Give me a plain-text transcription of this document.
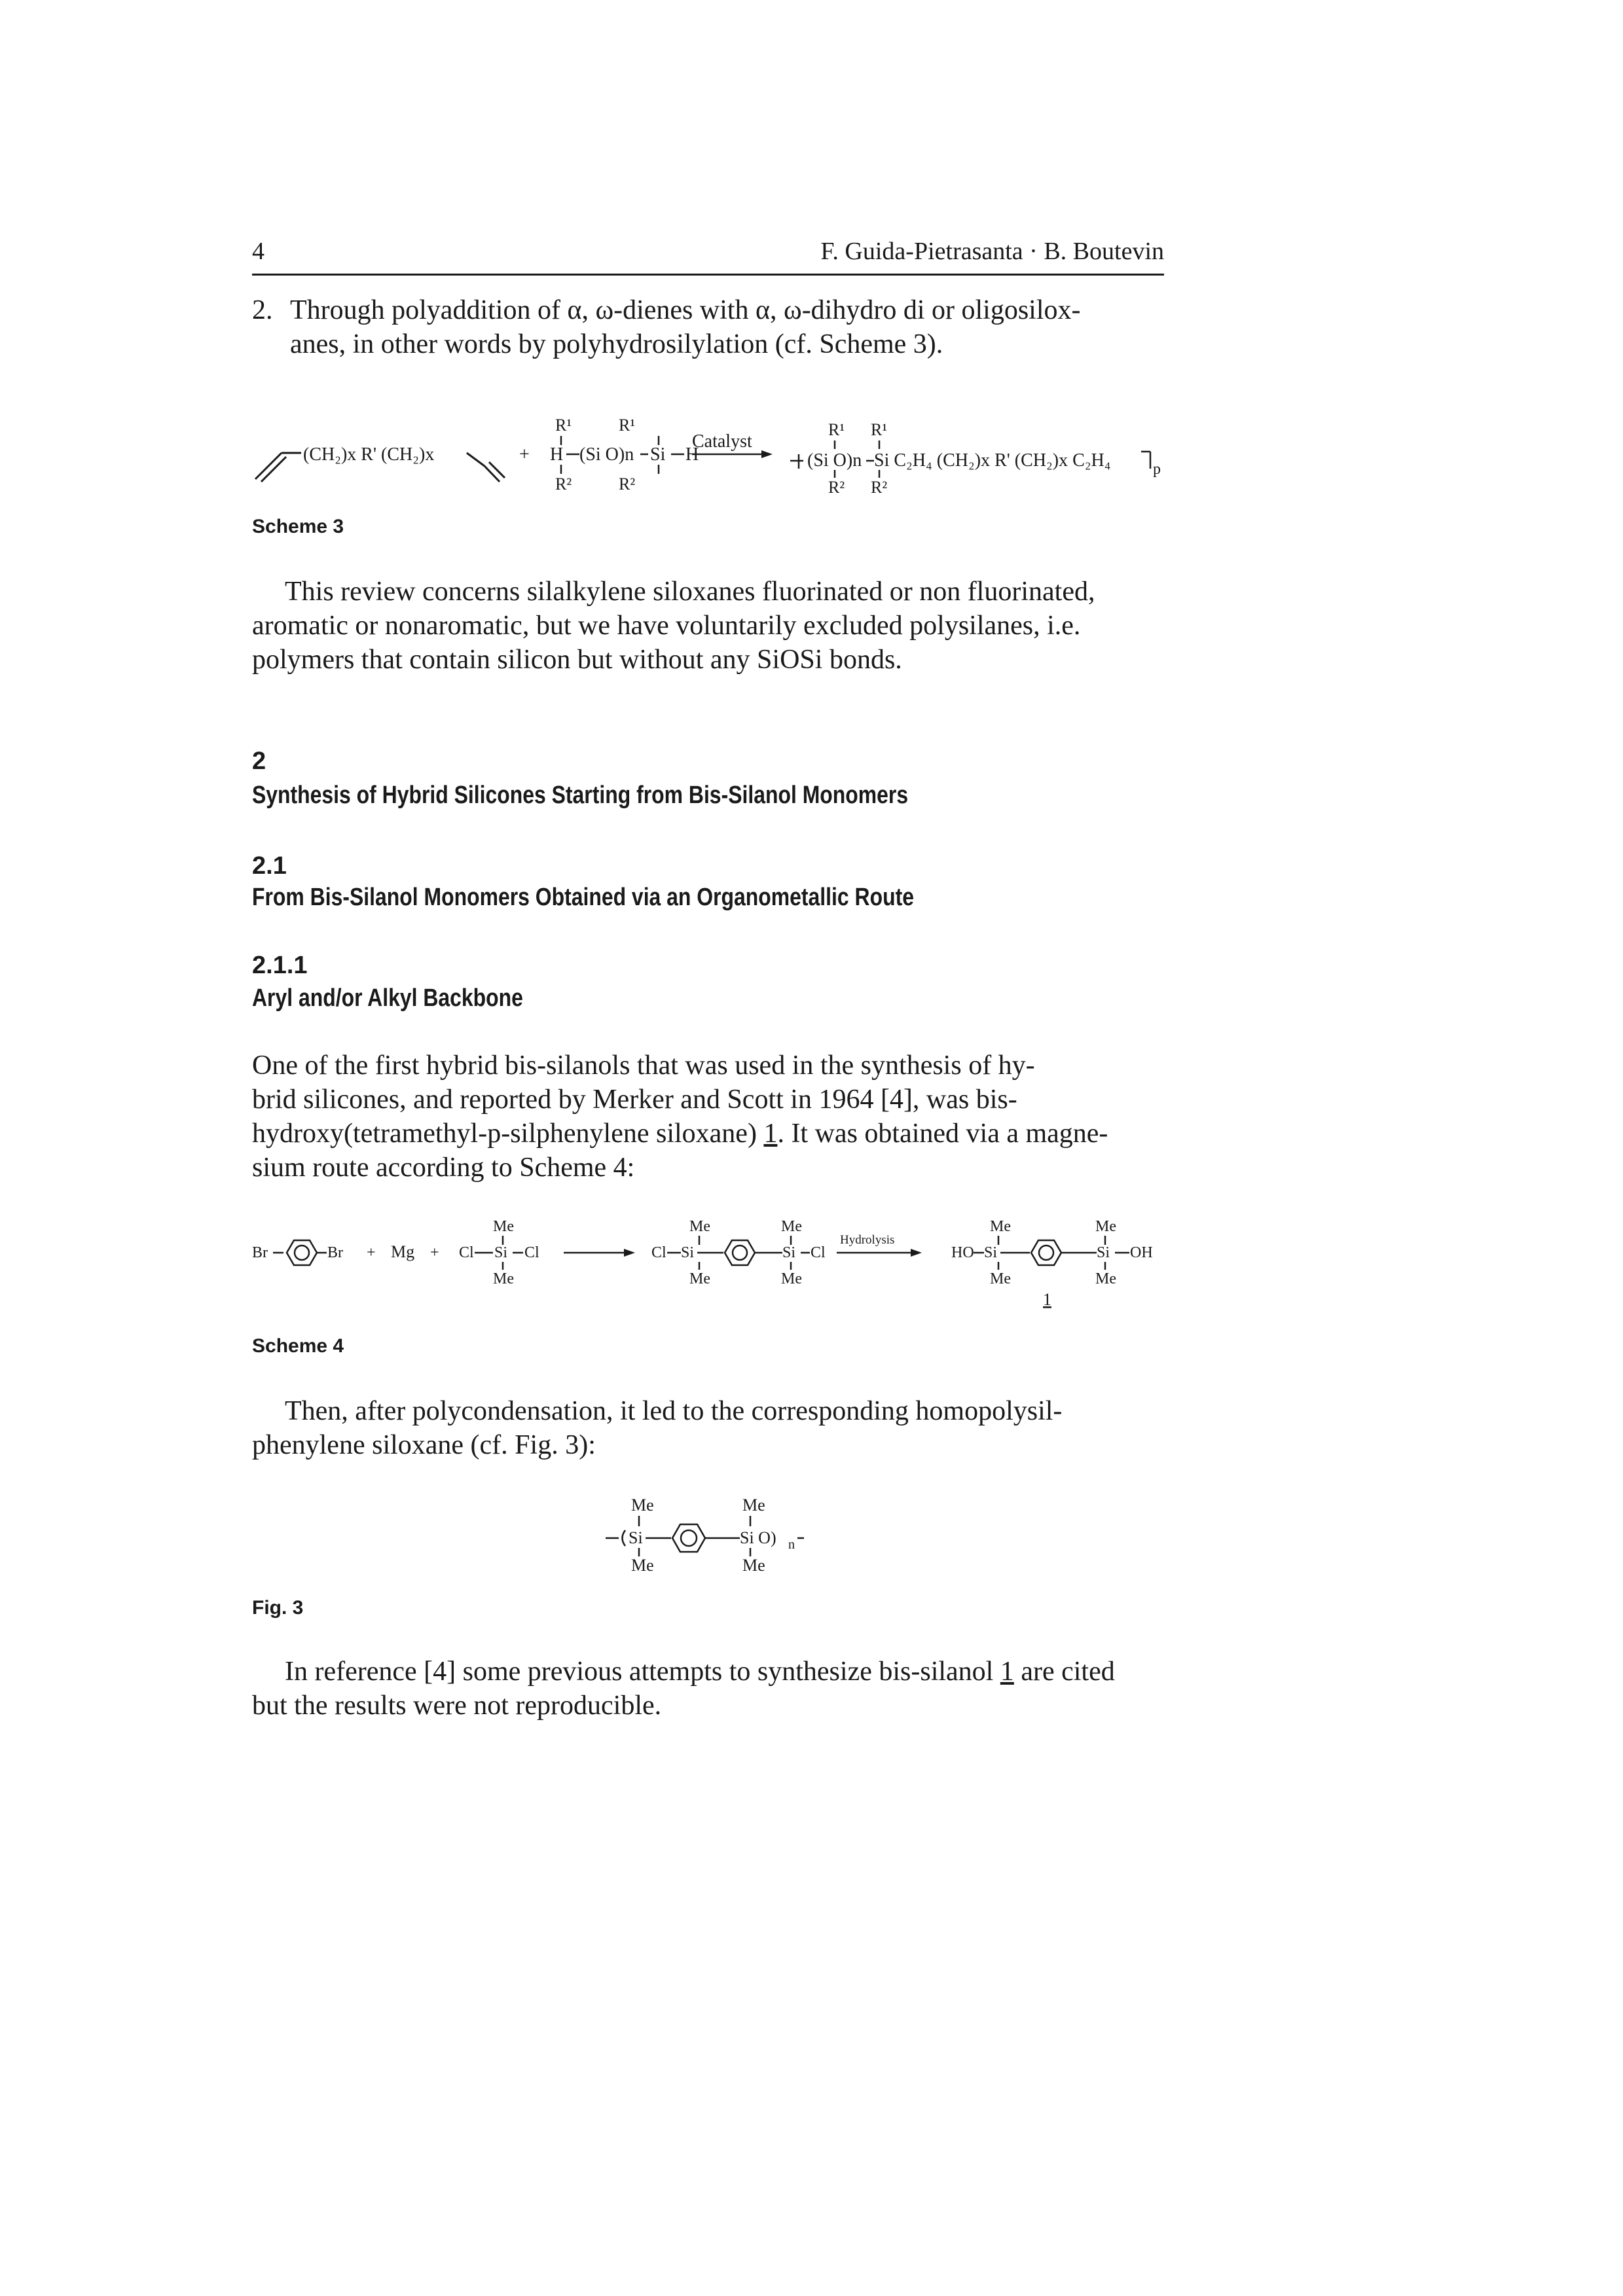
4	F. Guida-Pietrasanta · B. Boutevin
2. Through polyaddition of α, ω-dienes with α, ω-dihydro di or oligosilox-
anes, in other words by polyhydrosilylation (cf. Scheme 3).
(CH₂)x R' (CH₂)x	+ H (Si O)n
R¹
R²
Si
R¹
R²
H
Catalyst
R¹
(Si O)n
R²
R¹
Si C₂H₄ (CH₂)x R' (CH₂)x C₂H₄
R²
p
Scheme 3
This review concerns silalkylene siloxanes fluorinated or non fluorinated,
aromatic or nonaromatic, but we have voluntarily excluded polysilanes, i.e.
polymers that contain silicon but without any SiOSi bonds.
2
Synthesis of Hybrid Silicones Starting from Bis-Silanol Monomers
2.1
From Bis-Silanol Monomers Obtained via an Organometallic Route
2.1.1
Aryl and/or Alkyl Backbone
One of the first hybrid bis-silanols that was used in the synthesis of hy-
brid silicones, and reported by Merker and Scott in 1964 [4], was bis-
hydroxy(tetramethyl-p-silphenylene siloxane) 1. It was obtained via a magne-
sium route according to Scheme 4:
Br	Br + Mg +
Me
Cl Si Cl
Me
Cl Si
Me
Me
Me
Si
Me
Cl
Hydrolysis
HO Si
Me
Me
Me
Si
Me
OH
1
Scheme 4
Then, after polycondensation, it led to the corresponding homopolysil-
phenylene siloxane (cf. Fig. 3):
Si
Me
Me
Me
Si O) n
Me
Fig. 3
In reference [4] some previous attempts to synthesize bis-silanol 1 are cited
but the results were not reproducible.
